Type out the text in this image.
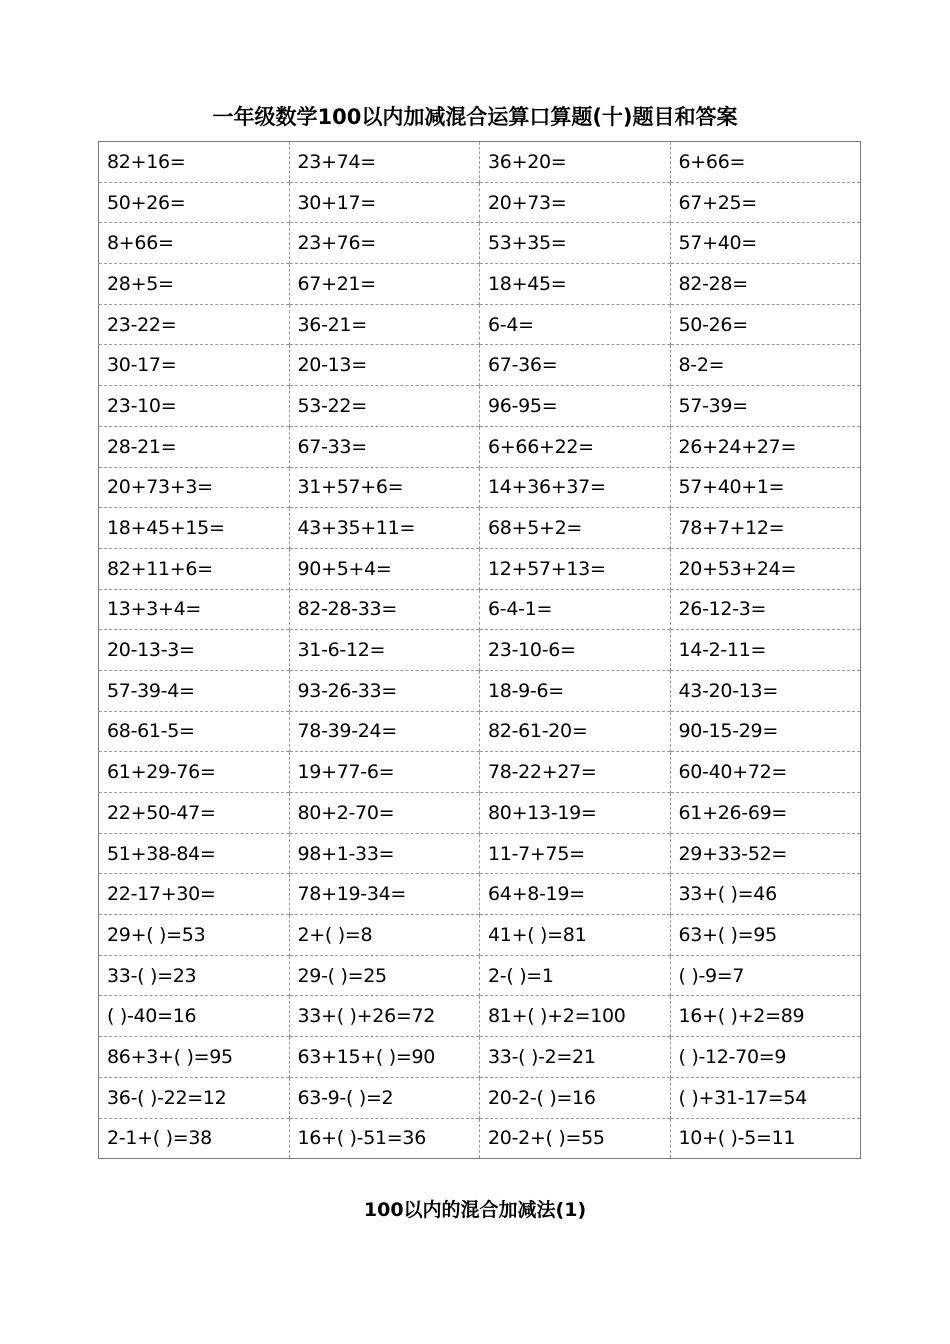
一年级数学100以内加减混合运算口算题(十)题目和答案
82+16=	23+74=	36+20=	6+66=
50+26=	30+17=	20+73=	67+25=
8+66=	23+76=	53+35=	57+40=
28+5=	67+21=	18+45=	82-28=
23-22=	36-21=	6-4=	50-26=
30-17=	20-13=	67-36=	8-2=
23-10=	53-22=	96-95=	57-39=
28-21=	67-33=	6+66+22=	26+24+27=
20+73+3=	31+57+6=	14+36+37=	57+40+1=
18+45+15=	43+35+11=	68+5+2=	78+7+12=
82+11+6=	90+5+4=	12+57+13=	20+53+24=
13+3+4=	82-28-33=	6-4-1=	26-12-3=
20-13-3=	31-6-12=	23-10-6=	14-2-11=
57-39-4=	93-26-33=	18-9-6=	43-20-13=
68-61-5=	78-39-24=	82-61-20=	90-15-29=
61+29-76=	19+77-6=	78-22+27=	60-40+72=
22+50-47=	80+2-70=	80+13-19=	61+26-69=
51+38-84=	98+1-33=	11-7+75=	29+33-52=
22-17+30=	78+19-34=	64+8-19=	33+( )=46
29+( )=53	2+( )=8	41+( )=81	63+( )=95
33-( )=23	29-( )=25	2-( )=1	( )-9=7
( )-40=16	33+( )+26=72	81+( )+2=100	16+( )+2=89
86+3+( )=95	63+15+( )=90	33-( )-2=21	( )-12-70=9
36-( )-22=12	63-9-( )=2	20-2-( )=16	( )+31-17=54
2-1+( )=38	16+( )-51=36	20-2+( )=55	10+( )-5=11
100以内的混合加减法(1)
